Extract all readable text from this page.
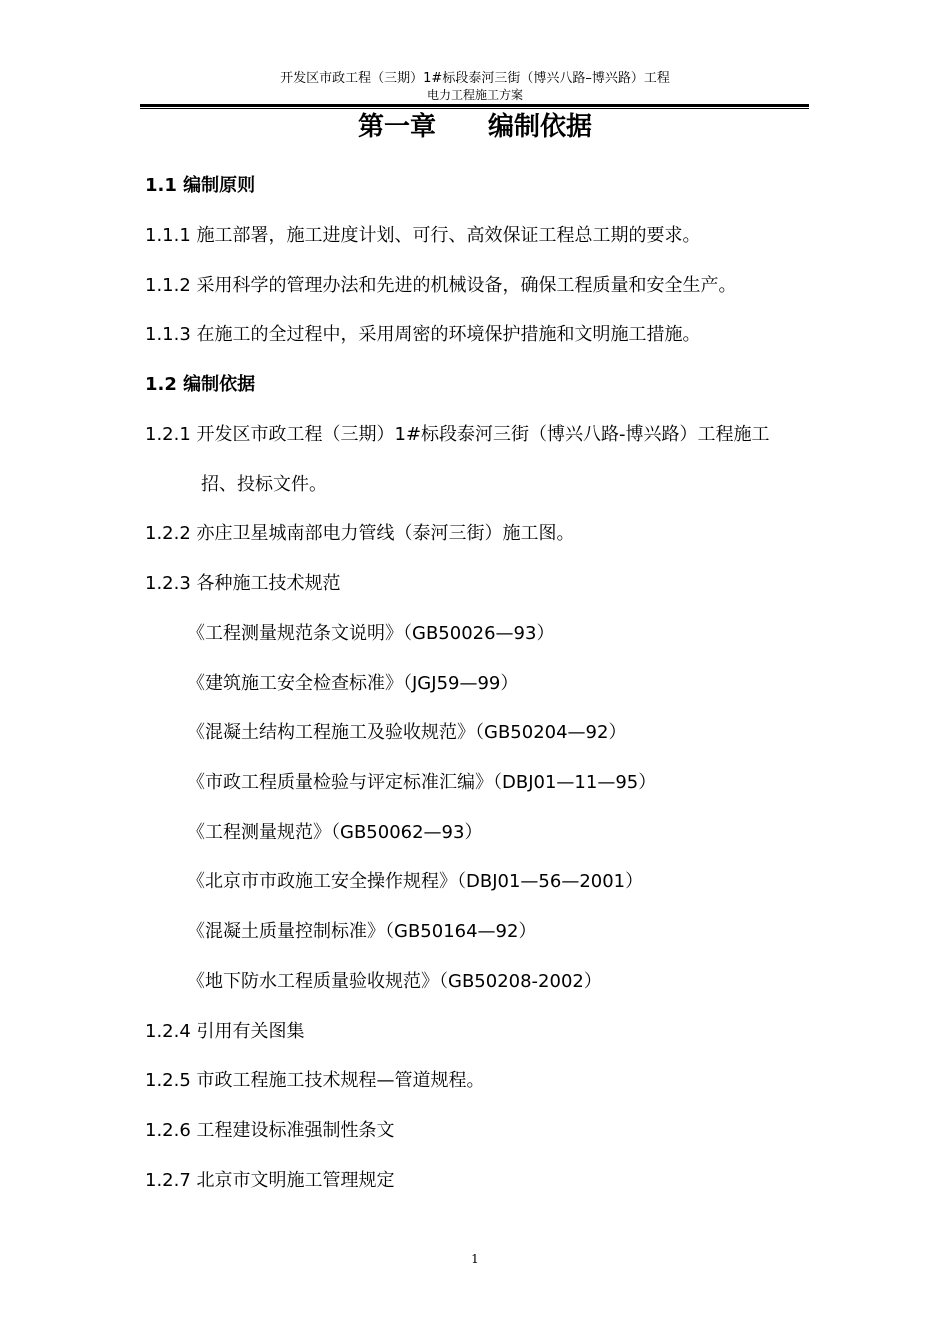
开发区市政工程（三期）1#标段泰河三街（博兴八路–博兴路）工程
电力工程施工方案
第一章　　编制依据
1.1 编制原则
1.1.1 施工部署，施工进度计划、可行、高效保证工程总工期的要求。
1.1.2 采用科学的管理办法和先进的机械设备，确保工程质量和安全生产。
1.1.3 在施工的全过程中，采用周密的环境保护措施和文明施工措施。
1.2 编制依据
1.2.1 开发区市政工程（三期）1#标段泰河三街（博兴八路-博兴路）工程施工
招、投标文件。
1.2.2 亦庄卫星城南部电力管线（泰河三街）施工图。
1.2.3 各种施工技术规范
《工程测量规范条文说明》（GB50026—93）
《建筑施工安全检查标准》（JGJ59—99）
《混凝土结构工程施工及验收规范》（GB50204—92）
《市政工程质量检验与评定标准汇编》（DBJ01—11—95）
《工程测量规范》（GB50062—93）
《北京市市政施工安全操作规程》（DBJ01—56—2001）
《混凝土质量控制标准》（GB50164—92）
《地下防水工程质量验收规范》（GB50208-2002）
1.2.4 引用有关图集
1.2.5 市政工程施工技术规程—管道规程。
1.2.6 工程建设标准强制性条文
1.2.7 北京市文明施工管理规定
1
